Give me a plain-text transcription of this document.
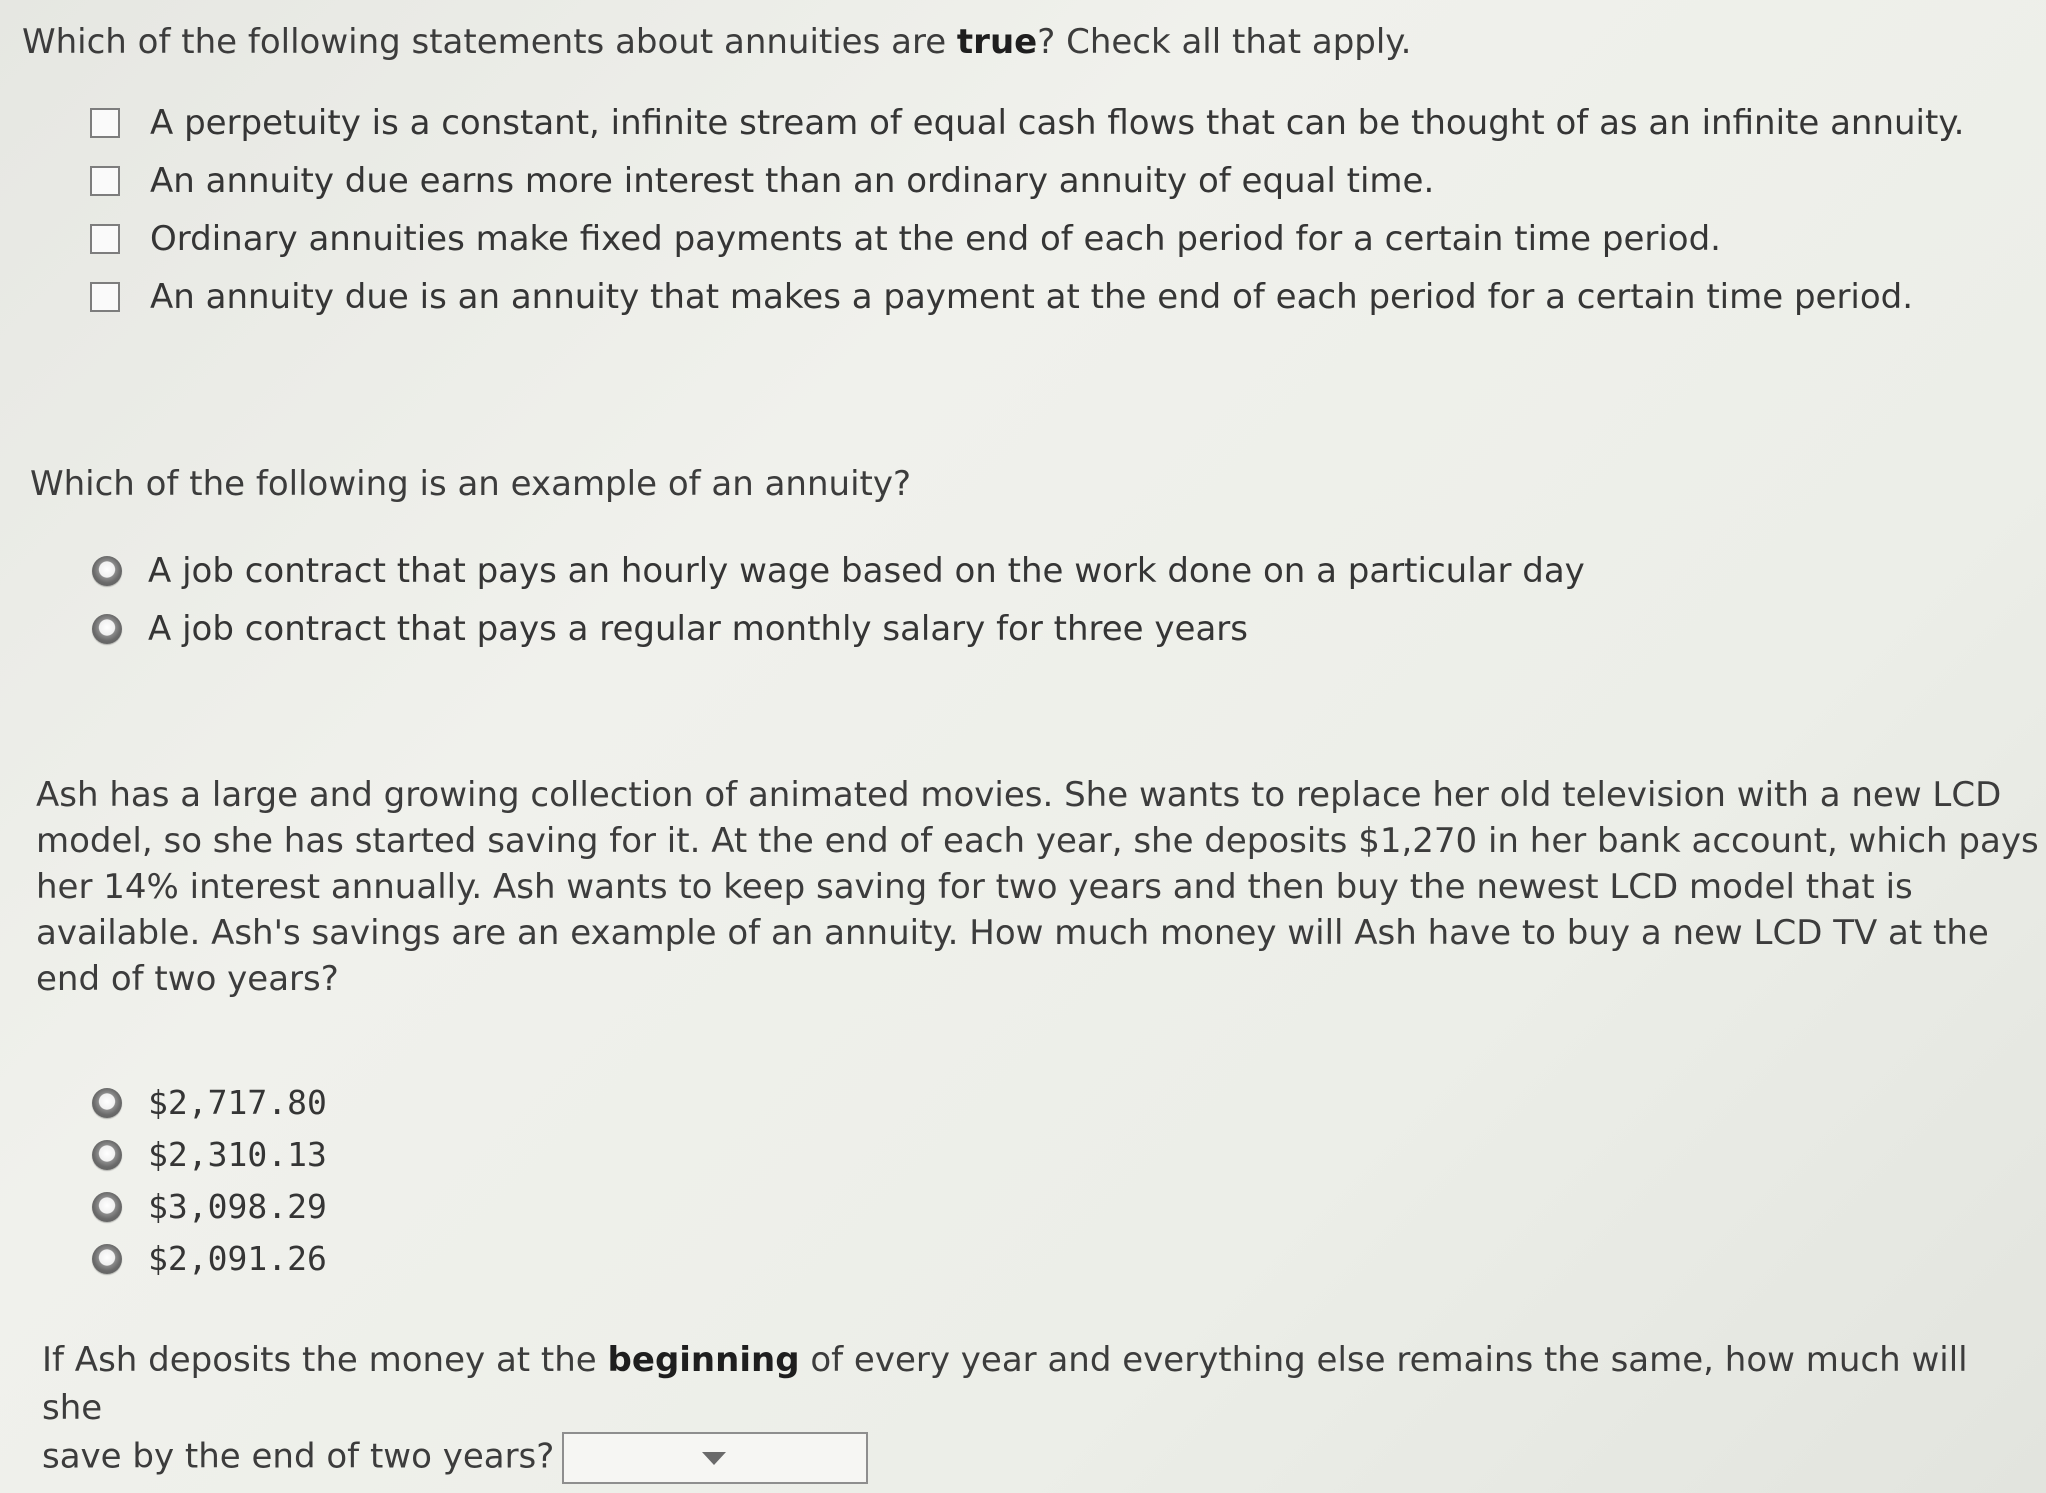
Which of the following statements about annuities are true? Check all that apply.
A perpetuity is a constant, infinite stream of equal cash flows that can be thought of as an infinite annuity.
An annuity due earns more interest than an ordinary annuity of equal time.
Ordinary annuities make fixed payments at the end of each period for a certain time period.
An annuity due is an annuity that makes a payment at the end of each period for a certain time period.
Which of the following is an example of an annuity?
A job contract that pays an hourly wage based on the work done on a particular day
A job contract that pays a regular monthly salary for three years
Ash has a large and growing collection of animated movies. She wants to replace her old television with a new LCD
model, so she has started saving for it. At the end of each year, she deposits $1,270 in her bank account, which pays
her 14% interest annually. Ash wants to keep saving for two years and then buy the newest LCD model that is
available. Ash's savings are an example of an annuity. How much money will Ash have to buy a new LCD TV at the
end of two years?
$2,717.80
$2,310.13
$3,098.29
$2,091.26
If Ash deposits the money at the beginning of every year and everything else remains the same, how much will she
save by the end of two years?
